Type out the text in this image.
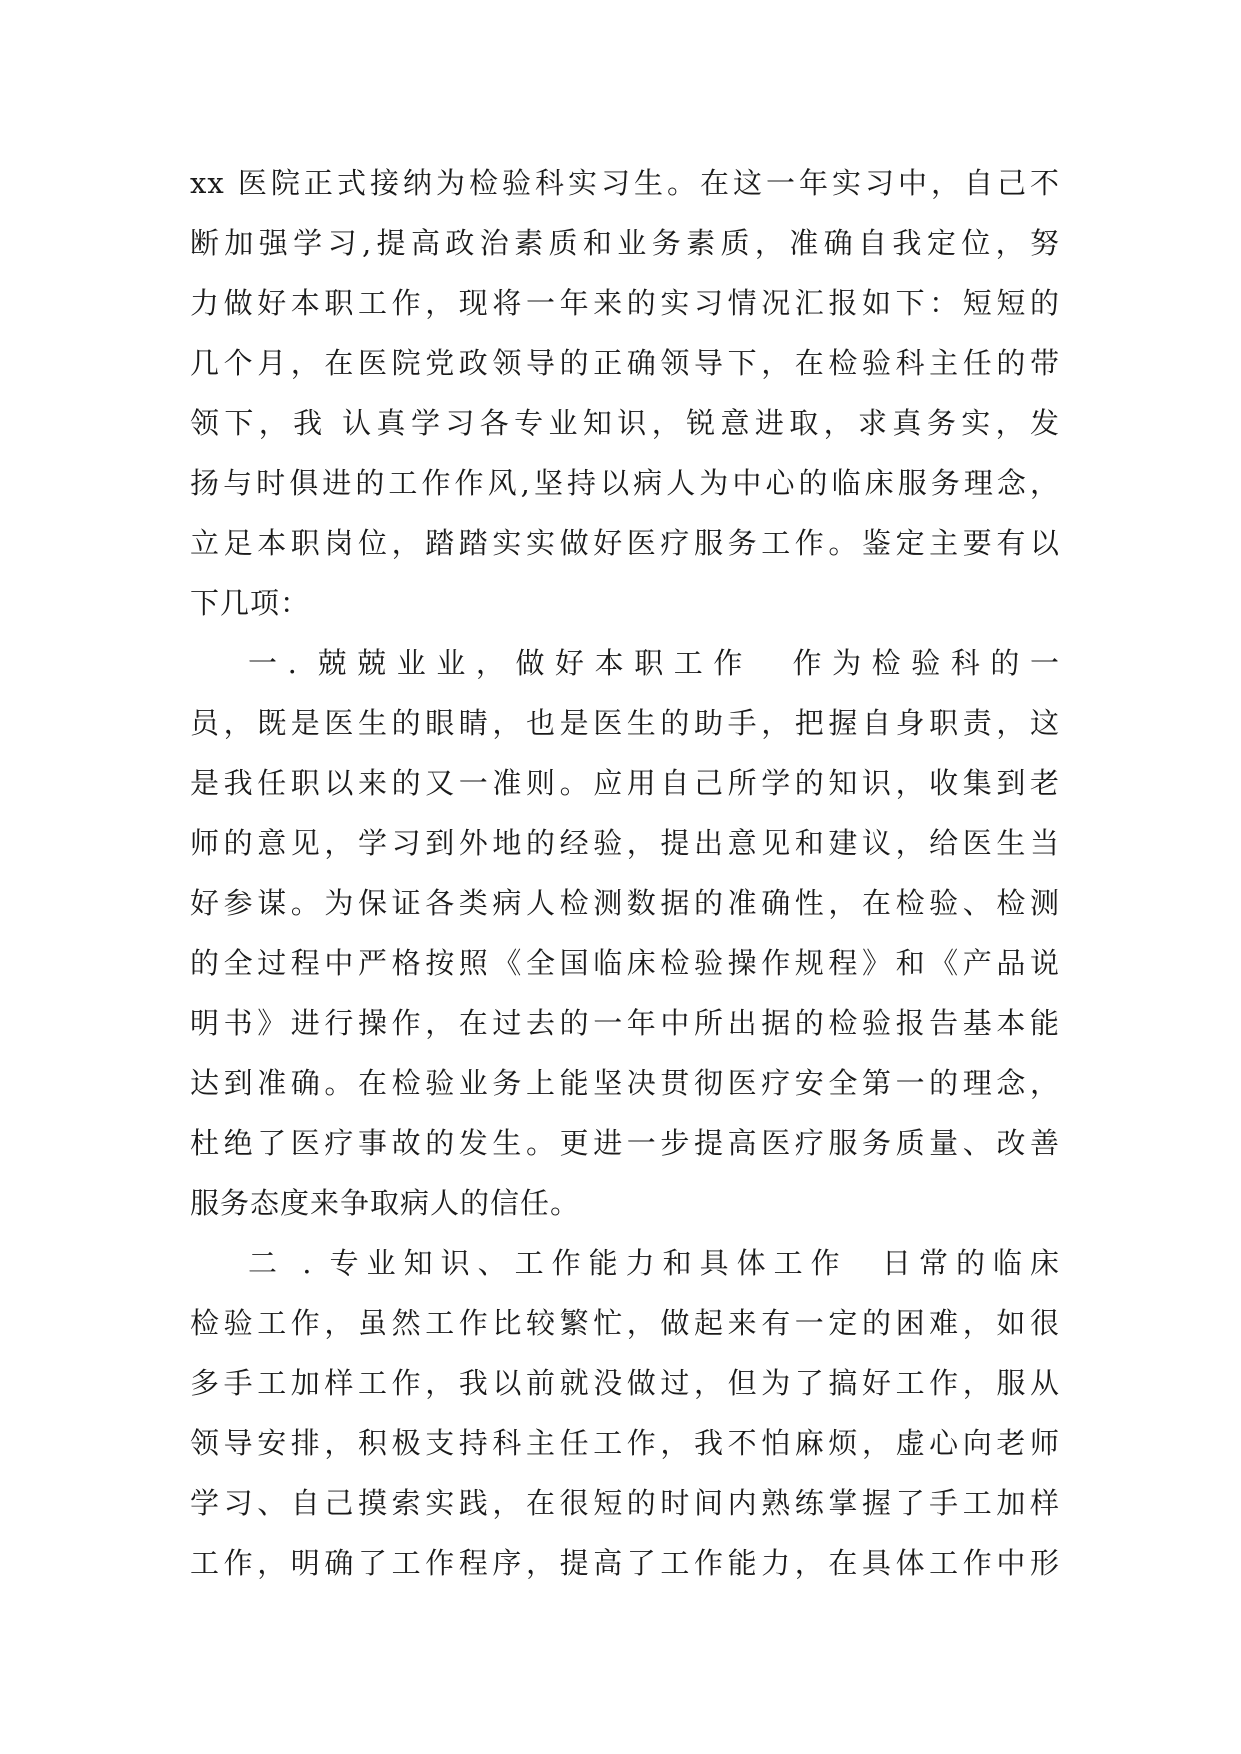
xx 医院正式接纳为检验科实习生。在这一年实习中，自己不
断加强学习,提高政治素质和业务素质，准确自我定位，努
力做好本职工作，现将一年来的实习情况汇报如下：短短的
几个月，在医院党政领导的正确领导下，在检验科主任的带
领下，我 认真学习各专业知识，锐意进取，求真务实，发
扬与时俱进的工作作风,坚持以病人为中心的临床服务理念，
立足本职岗位，踏踏实实做好医疗服务工作。鉴定主要有以
下几项：
一. 兢兢业业，做好本职工作 作为检验科的一
员，既是医生的眼睛，也是医生的助手，把握自身职责，这
是我任职以来的又一准则。应用自己所学的知识，收集到老
师的意见，学习到外地的经验，提出意见和建议，给医生当
好参谋。为保证各类病人检测数据的准确性，在检验、检测
的全过程中严格按照《全国临床检验操作规程》和《产品说
明书》进行操作，在过去的一年中所出据的检验报告基本能
达到准确。在检验业务上能坚决贯彻医疗安全第一的理念，
杜绝了医疗事故的发生。更进一步提高医疗服务质量、改善
服务态度来争取病人的信任。
二 . 专业知识、工作能力和具体工作 日常的临床
检验工作，虽然工作比较繁忙，做起来有一定的困难，如很
多手工加样工作，我以前就没做过，但为了搞好工作，服从
领导安排，积极支持科主任工作，我不怕麻烦，虚心向老师
学习、自己摸索实践，在很短的时间内熟练掌握了手工加样
工作，明确了工作程序，提高了工作能力，在具体工作中形
